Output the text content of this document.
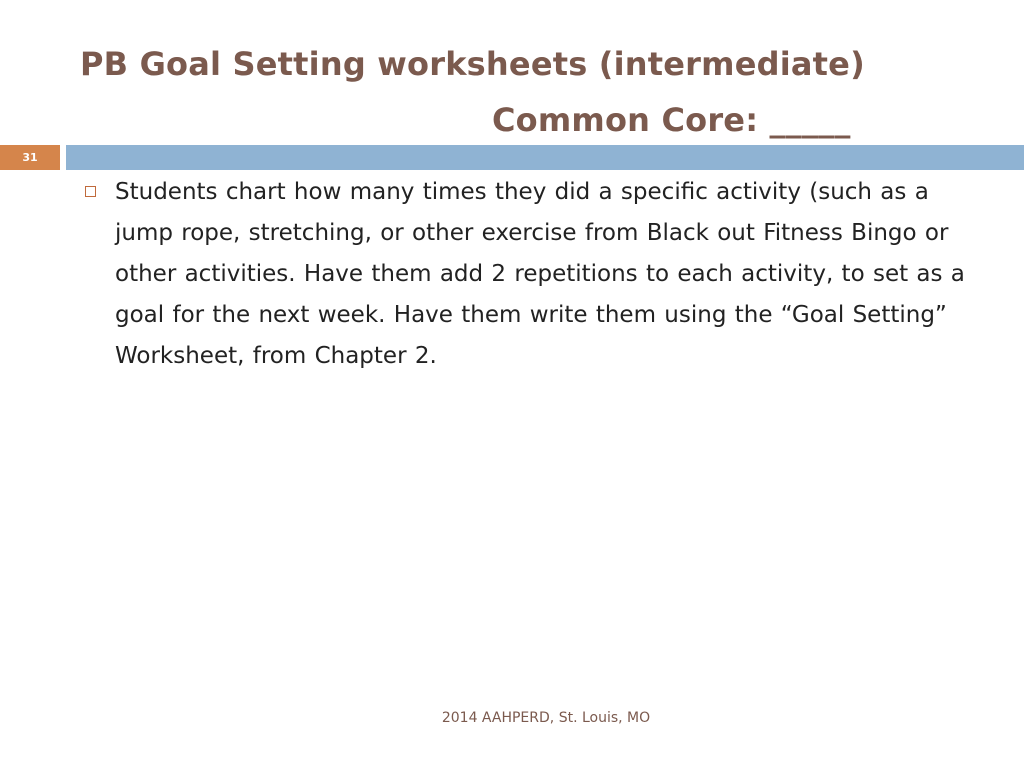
PB Goal Setting worksheets (intermediate)
Common Core: _____
31
Students chart how many times they did a specific activity (such as a jump rope, stretching, or other exercise from Black out Fitness Bingo or other activities. Have them add 2 repetitions to each activity, to set as a goal for the next week. Have them write them using the “Goal Setting” Worksheet, from Chapter 2.
2014 AAHPERD, St. Louis, MO
